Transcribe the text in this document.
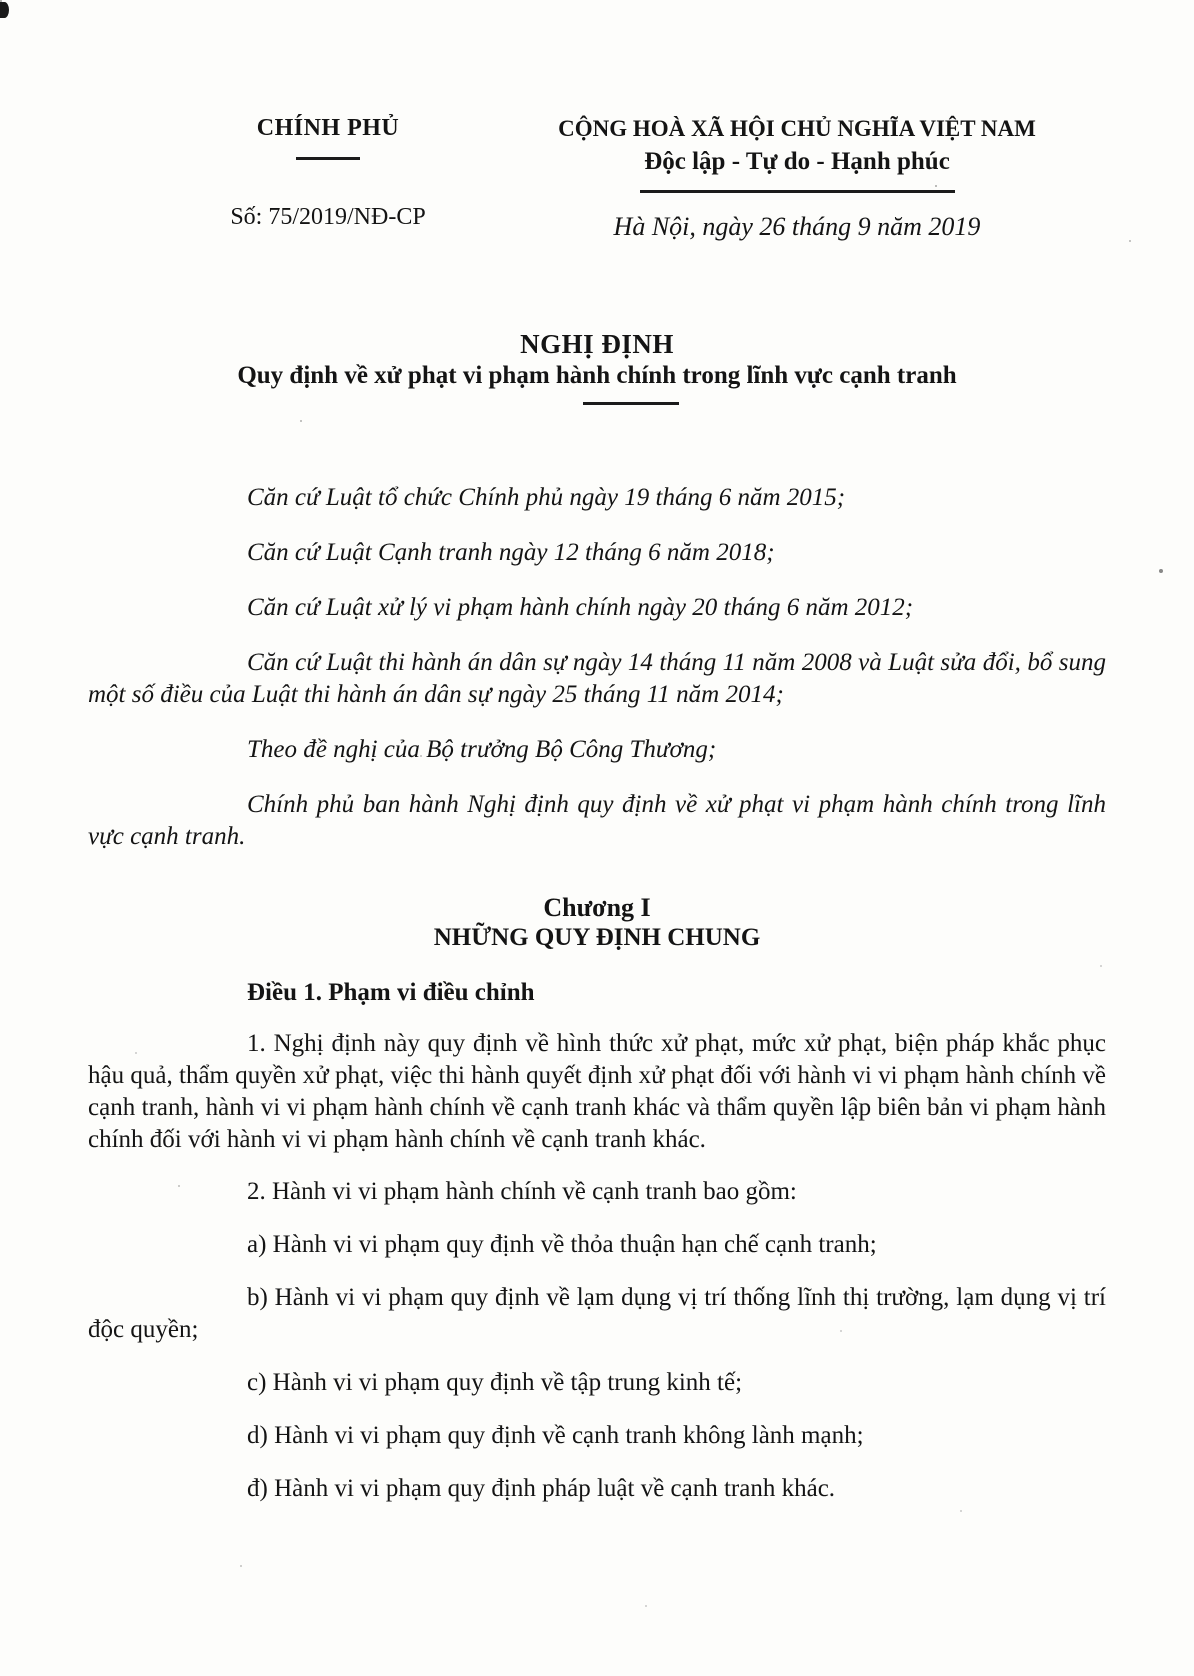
CHÍNH PHỦ
Số: 75/2019/NĐ-CP
CỘNG HOÀ XÃ HỘI CHỦ NGHĨA VIỆT NAM
Độc lập - Tự do - Hạnh phúc
Hà Nội, ngày 26 tháng 9 năm 2019
NGHỊ ĐỊNH
Quy định về xử phạt vi phạm hành chính trong lĩnh vực cạnh tranh

Căn cứ Luật tổ chức Chính phủ ngày 19 tháng 6 năm 2015;

Căn cứ Luật Cạnh tranh ngày 12 tháng 6 năm 2018;

Căn cứ Luật xử lý vi phạm hành chính ngày 20 tháng 6 năm 2012;

Căn cứ Luật thi hành án dân sự ngày 14 tháng 11 năm 2008 và Luật sửa đổi, bổ sung một số điều của Luật thi hành án dân sự ngày 25 tháng 11 năm 2014;

Theo đề nghị của Bộ trưởng Bộ Công Thương;

Chính phủ ban hành Nghị định quy định về xử phạt vi phạm hành chính trong lĩnh vực cạnh tranh.

Chương I
NHỮNG QUY ĐỊNH CHUNG

Điều 1. Phạm vi điều chỉnh

1. Nghị định này quy định về hình thức xử phạt, mức xử phạt, biện pháp khắc phục hậu quả, thẩm quyền xử phạt, việc thi hành quyết định xử phạt đối với hành vi vi phạm hành chính về cạnh tranh, hành vi vi phạm hành chính về cạnh tranh khác và thẩm quyền lập biên bản vi phạm hành chính đối với hành vi vi phạm hành chính về cạnh tranh khác.

2. Hành vi vi phạm hành chính về cạnh tranh bao gồm:

a) Hành vi vi phạm quy định về thỏa thuận hạn chế cạnh tranh;

b) Hành vi vi phạm quy định về lạm dụng vị trí thống lĩnh thị trường, lạm dụng vị trí độc quyền;

c) Hành vi vi phạm quy định về tập trung kinh tế;

d) Hành vi vi phạm quy định về cạnh tranh không lành mạnh;

đ) Hành vi vi phạm quy định pháp luật về cạnh tranh khác.
